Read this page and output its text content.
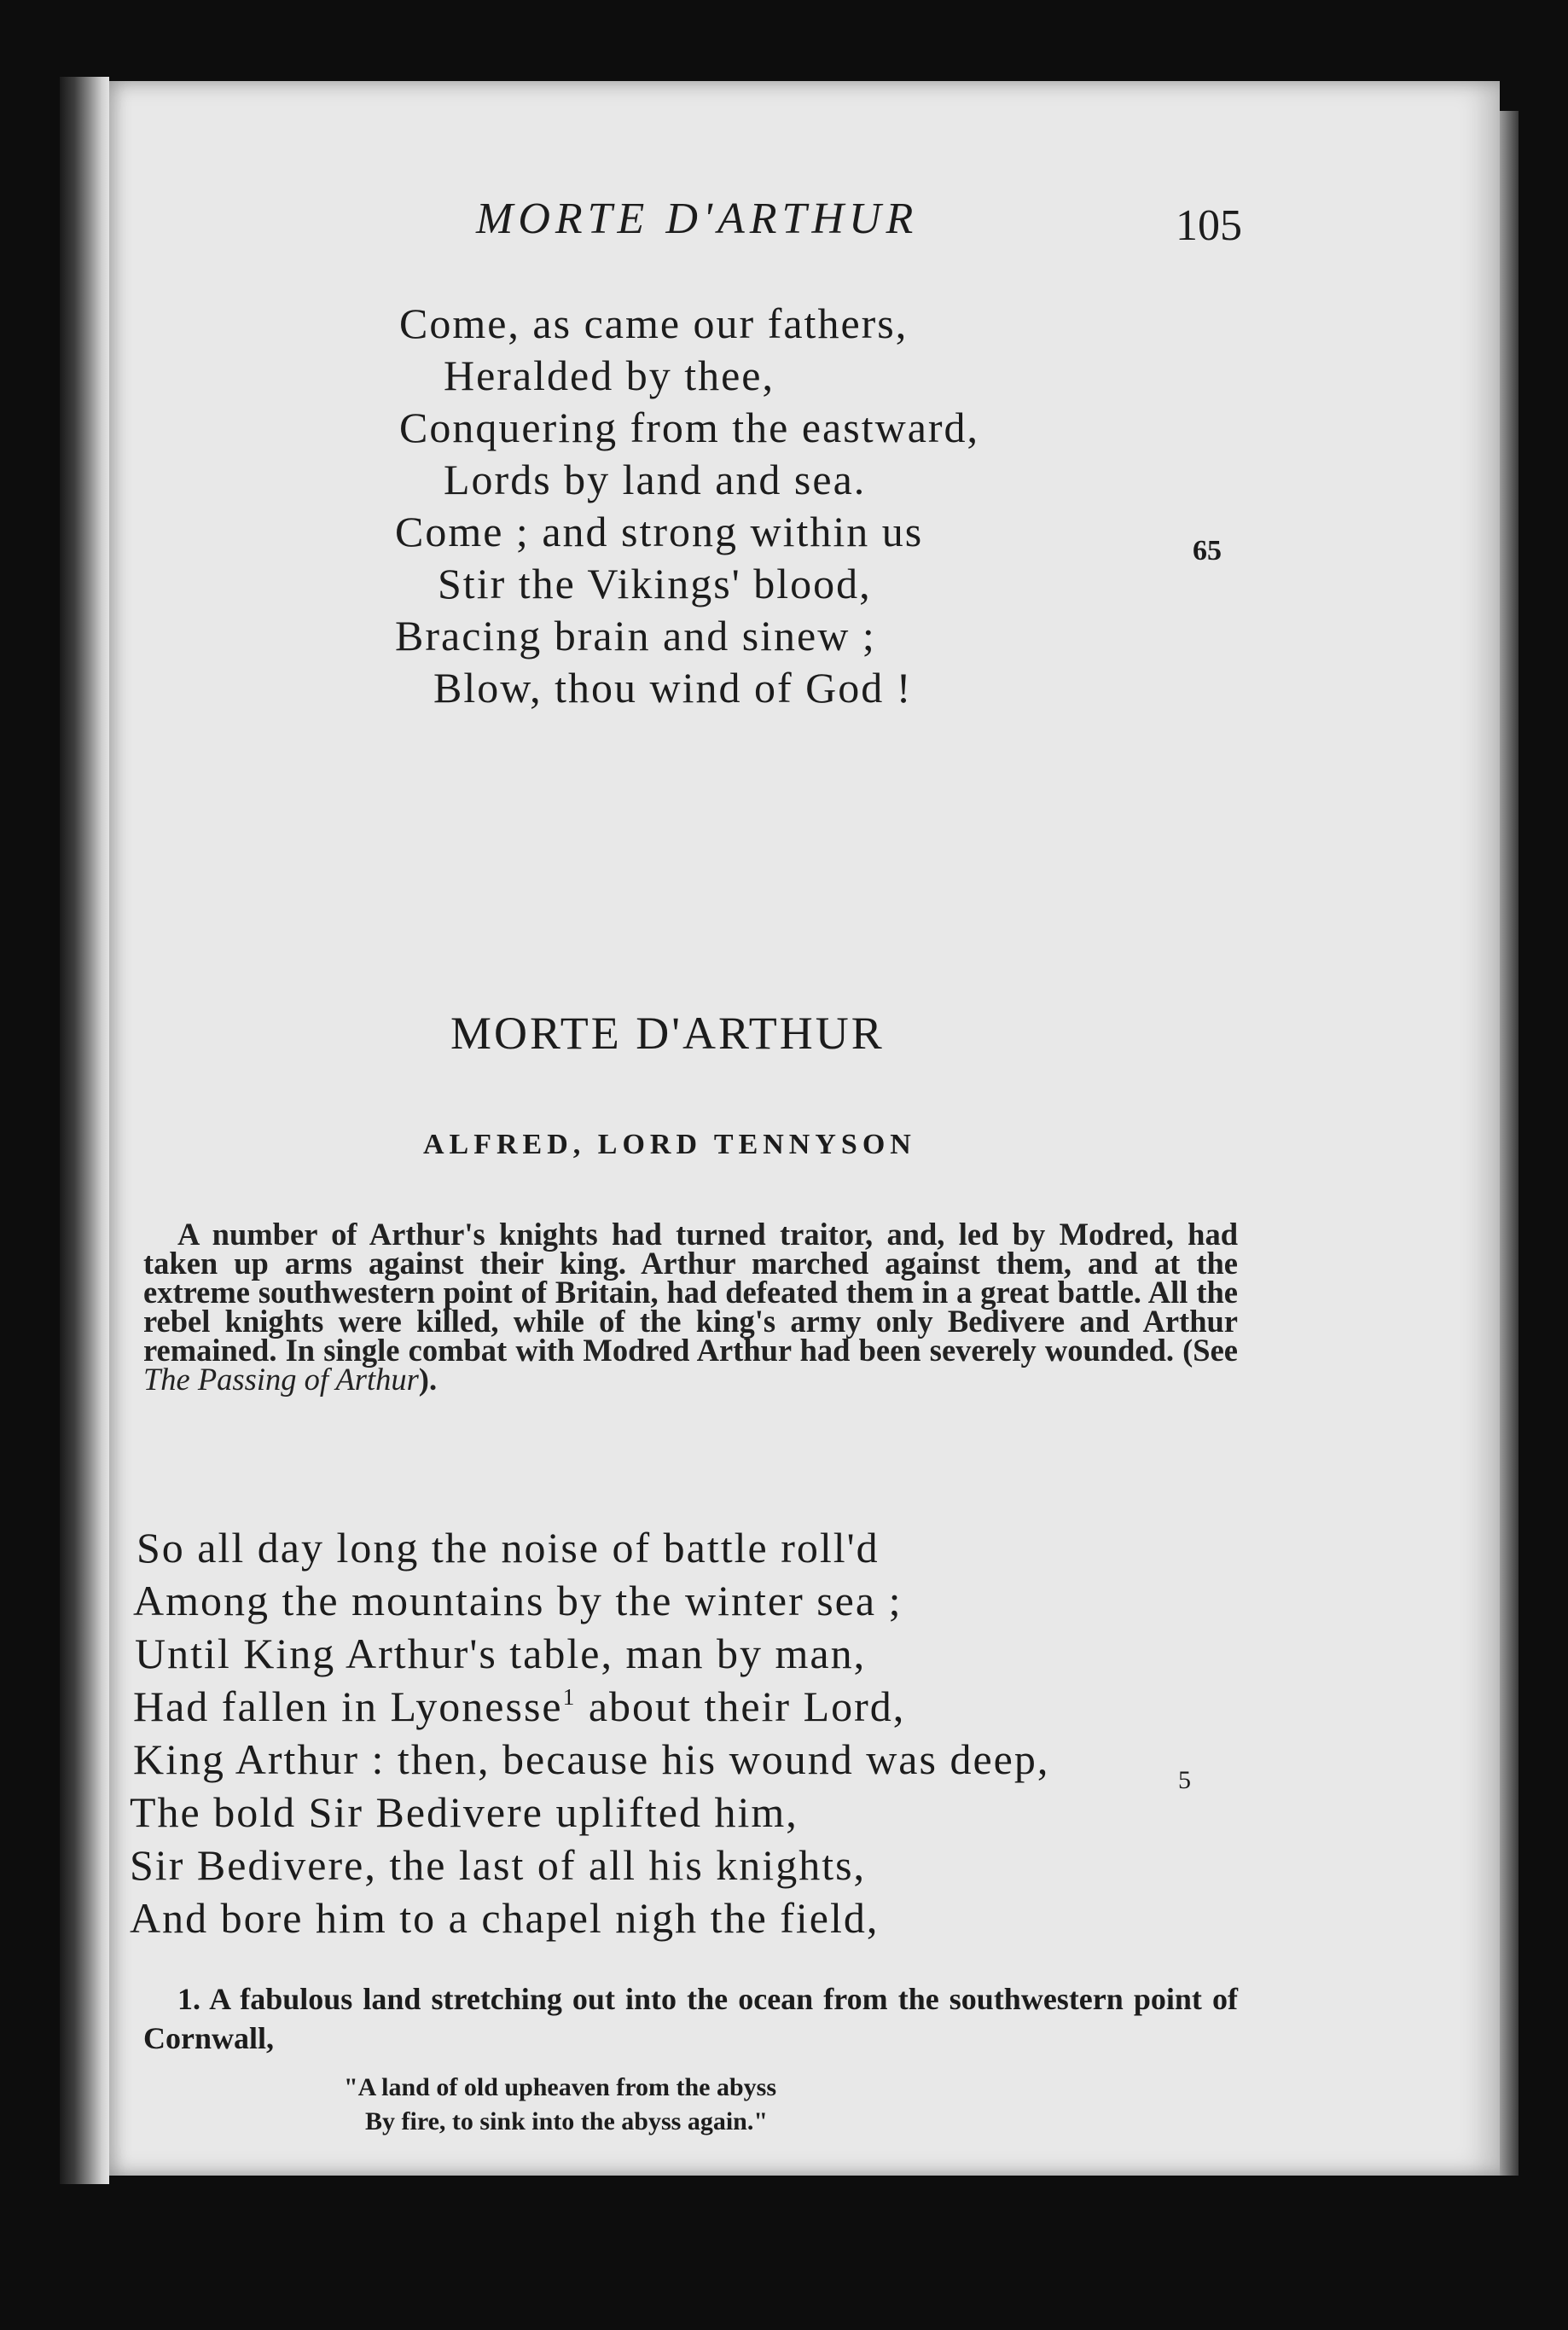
MORTE D'ARTHUR	105
Come, as came our fathers,
Heralded by thee,
Conquering from the eastward,
Lords by land and sea.
Come ; and strong within us
Stir the Vikings' blood,
Bracing brain and sinew ;
Blow, thou wind of God !
65
MORTE D'ARTHUR
ALFRED, LORD TENNYSON
A number of Arthur's knights had turned traitor, and, led by Modred, had taken up arms against their king. Arthur marched against them, and at the extreme southwestern point of Britain, had defeated them in a great battle. All the rebel knights were killed, while of the king's army only Bedivere and Arthur remained. In single combat with Modred Arthur had been severely wounded. (See The Passing of Arthur).
So all day long the noise of battle roll'd
Among the mountains by the winter sea ;
Until King Arthur's table, man by man,
Had fallen in Lyonesse$^1$ about their Lord,
King Arthur : then, because his wound was deep,
The bold Sir Bedivere uplifted him,
Sir Bedivere, the last of all his knights,
And bore him to a chapel nigh the field,
5
1. A fabulous land stretching out into the ocean from the southwestern point of Cornwall,
"A land of old upheaven from the abyss
By fire, to sink into the abyss again."
